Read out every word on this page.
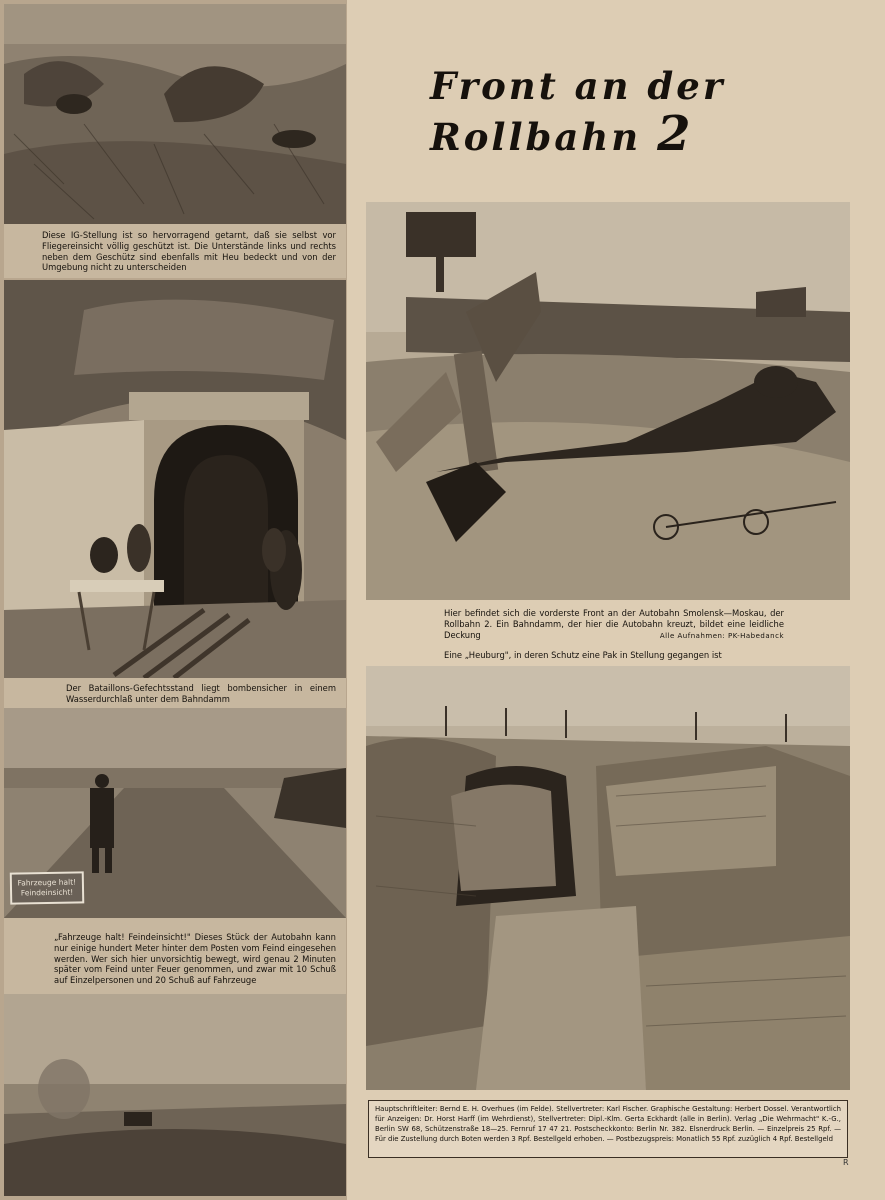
Diese IG-Stellung ist so hervorragend getarnt, daß sie selbst vor Fliegereinsicht völlig geschützt ist. Die Unterstände links und rechts neben dem Geschütz sind ebenfalls mit Heu bedeckt und von der Umgebung nicht zu unterscheiden

Der Bataillons-Gefechtsstand liegt bombensicher in einem Wasserdurchlaß unter dem Bahndamm

Fahrzeuge halt! Feindeinsicht!

„Fahrzeuge halt! Feindeinsicht!" Dieses Stück der Autobahn kann nur einige hundert Meter hinter dem Posten vom Feind eingesehen werden. Wer sich hier unvorsichtig bewegt, wird genau 2 Minuten später vom Feind unter Feuer genommen, und zwar mit 10 Schuß auf Einzelpersonen und 20 Schuß auf Fahrzeuge

Front an der
Rollbahn 2
Hier befindet sich die vorderste Front an der Autobahn Smolensk—Moskau, der Rollbahn 2. Ein Bahndamm, der hier die Autobahn kreuzt, bildet eine leidliche Deckung	Alle Aufnahmen: PK-Habedanck
Eine „Heuburg", in deren Schutz eine Pak in Stellung gegangen ist
Hauptschriftleiter: Bernd E. H. Overhues (im Felde). Stellvertreter: Karl Fischer. Graphische Gestaltung: Herbert Dossel. Verantwortlich für Anzeigen: Dr. Horst Harff (im Wehrdienst), Stellvertreter: Dipl.-Klm. Gerta Eckhardt (alle in Berlin). Verlag „Die Wehrmacht" K.-G., Berlin SW 68, Schützenstraße 18—25. Fernruf 17 47 21. Postscheckkonto: Berlin Nr. 382. Elsnerdruck Berlin. — Einzelpreis 25 Rpf. — Für die Zustellung durch Boten werden 3 Rpf. Bestellgeld erhoben. — Postbezugspreis: Monatlich 55 Rpf. zuzüglich 4 Rpf. Bestellgeld
R
